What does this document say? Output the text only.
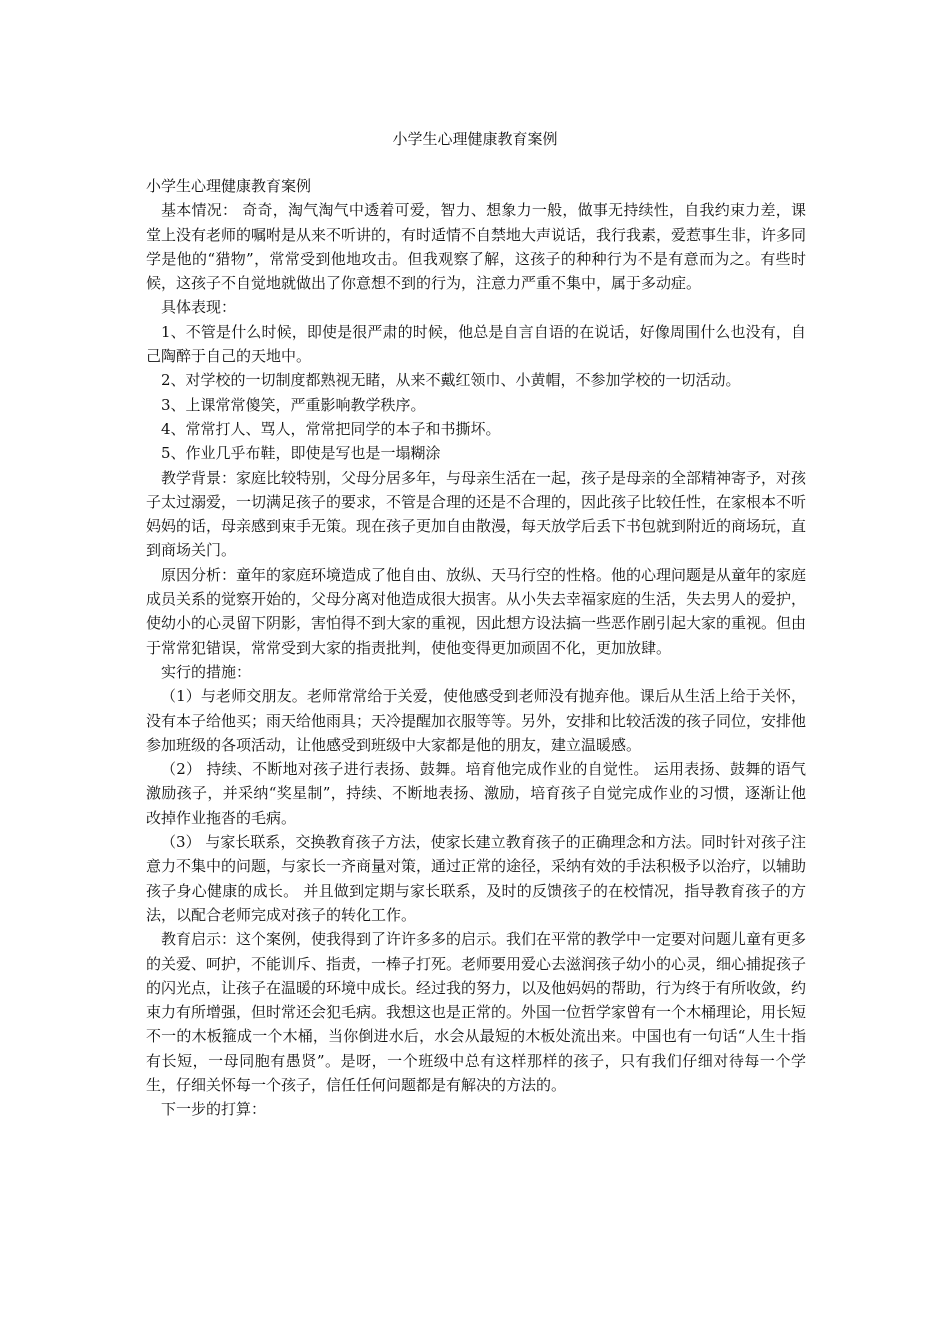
小学生心理健康教育案例

小学生心理健康教育案例

基本情况： 奇奇，淘气淘气中透着可爱，智力、想象力一般，做事无持续性，自我约束力差，课堂上没有老师的嘱咐是从来不听讲的，有时适情不自禁地大声说话，我行我素，爱惹事生非，许多同学是他的“猎物”，常常受到他地攻击。但我观察了解，这孩子的种种行为不是有意而为之。有些时候，这孩子不自觉地就做出了你意想不到的行为，注意力严重不集中，属于多动症。

具体表现：

1、不管是什么时候，即使是很严肃的时候，他总是自言自语的在说话，好像周围什么也没有，自己陶醉于自己的天地中。

2、对学校的一切制度都熟视无睹，从来不戴红领巾、小黄帽，不参加学校的一切活动。

3、上课常常傻笑，严重影响教学秩序。

4、常常打人、骂人，常常把同学的本子和书撕坏。

5、作业几乎布鞋，即使是写也是一塌糊涂

教学背景：家庭比较特别，父母分居多年，与母亲生活在一起，孩子是母亲的全部精神寄予，对孩子太过溺爱，一切满足孩子的要求，不管是合理的还是不合理的，因此孩子比较任性，在家根本不听妈妈的话，母亲感到束手无策。现在孩子更加自由散漫，每天放学后丢下书包就到附近的商场玩，直到商场关门。

原因分析：童年的家庭环境造成了他自由、放纵、天马行空的性格。他的心理问题是从童年的家庭成员关系的觉察开始的，父母分离对他造成很大损害。从小失去幸福家庭的生活，失去男人的爱护，使幼小的心灵留下阴影，害怕得不到大家的重视，因此想方设法搞一些恶作剧引起大家的重视。但由于常常犯错误，常常受到大家的指责批判，使他变得更加顽固不化，更加放肆。

实行的措施：

（1）与老师交朋友。老师常常给于关爱，使他感受到老师没有抛弃他。课后从生活上给于关怀，没有本子给他买；雨天给他雨具；天冷提醒加衣服等等。另外，安排和比较活泼的孩子同位，安排他参加班级的各项活动，让他感受到班级中大家都是他的朋友，建立温暖感。

（2） 持续、不断地对孩子进行表扬、鼓舞。培育他完成作业的自觉性。 运用表扬、鼓舞的语气激励孩子，并采纳“奖星制”，持续、不断地表扬、激励，培育孩子自觉完成作业的习惯，逐渐让他改掉作业拖沓的毛病。

（3） 与家长联系，交换教育孩子方法，使家长建立教育孩子的正确理念和方法。同时针对孩子注意力不集中的问题，与家长一齐商量对策，通过正常的途径，采纳有效的手法积极予以治疗，以辅助孩子身心健康的成长。 并且做到定期与家长联系，及时的反馈孩子的在校情况，指导教育孩子的方法，以配合老师完成对孩子的转化工作。

教育启示：这个案例，使我得到了许许多多的启示。我们在平常的教学中一定要对问题儿童有更多的关爱、呵护，不能训斥、指责，一棒子打死。老师要用爱心去滋润孩子幼小的心灵，细心捕捉孩子的闪光点，让孩子在温暖的环境中成长。经过我的努力，以及他妈妈的帮助，行为终于有所收敛，约束力有所增强，但时常还会犯毛病。我想这也是正常的。外国一位哲学家曾有一个木桶理论，用长短不一的木板箍成一个木桶，当你倒进水后，水会从最短的木板处流出来。中国也有一句话“人生十指有长短，一母同胞有愚贤”。是呀，一个班级中总有这样那样的孩子，只有我们仔细对待每一个学生，仔细关怀每一个孩子，信任任何问题都是有解决的方法的。

下一步的打算：
